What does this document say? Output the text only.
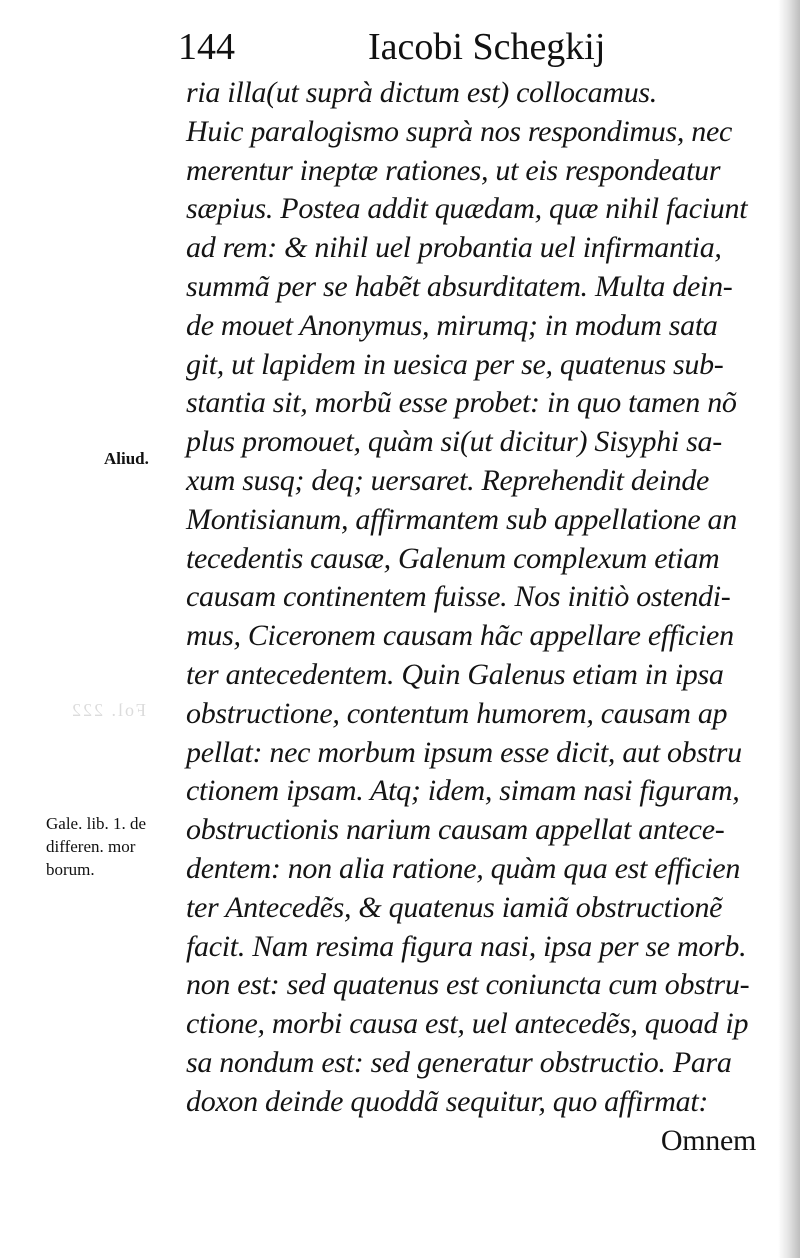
Fol. 222
144	Iacobi Schegkij
Aliud.
Gale. lib. 1. de
differen. mor
borum.
ria illa(ut suprà dictum est) collocamus.
Huic paralogismo suprà nos respondimus, nec
merentur ineptæ rationes, ut eis respondeatur
sæpius. Postea addit quædam, quæ nihil faciunt
ad rem: & nihil uel probantia uel infirmantia,
summã per se habẽt absurditatem. Multa dein-
de mouet Anonymus, mirumq; in modum sata
git, ut lapidem in uesica per se, quatenus sub-
stantia sit, morbũ esse probet: in quo tamen nõ
plus promouet, quàm si(ut dicitur) Sisyphi sa-
xum susq; deq; uersaret. Reprehendit deinde
Montisianum, affirmantem sub appellatione an
tecedentis causæ, Galenum complexum etiam
causam continentem fuisse. Nos initiò ostendi-
mus, Ciceronem causam hãc appellare efficien
ter antecedentem. Quin Galenus etiam in ipsa
obstructione, contentum humorem, causam ap
pellat: nec morbum ipsum esse dicit, aut obstru
ctionem ipsam. Atq; idem, simam nasi figuram,
obstructionis narium causam appellat antece-
dentem: non alia ratione, quàm qua est efficien
ter Antecedẽs, & quatenus iamiã obstructionẽ
facit. Nam resima figura nasi, ipsa per se morb.
non est: sed quatenus est coniuncta cum obstru-
ctione, morbi causa est, uel antecedẽs, quoad ip
sa nondum est: sed generatur obstructio. Para
doxon deinde quoddã sequitur, quo affirmat:
Omnem
